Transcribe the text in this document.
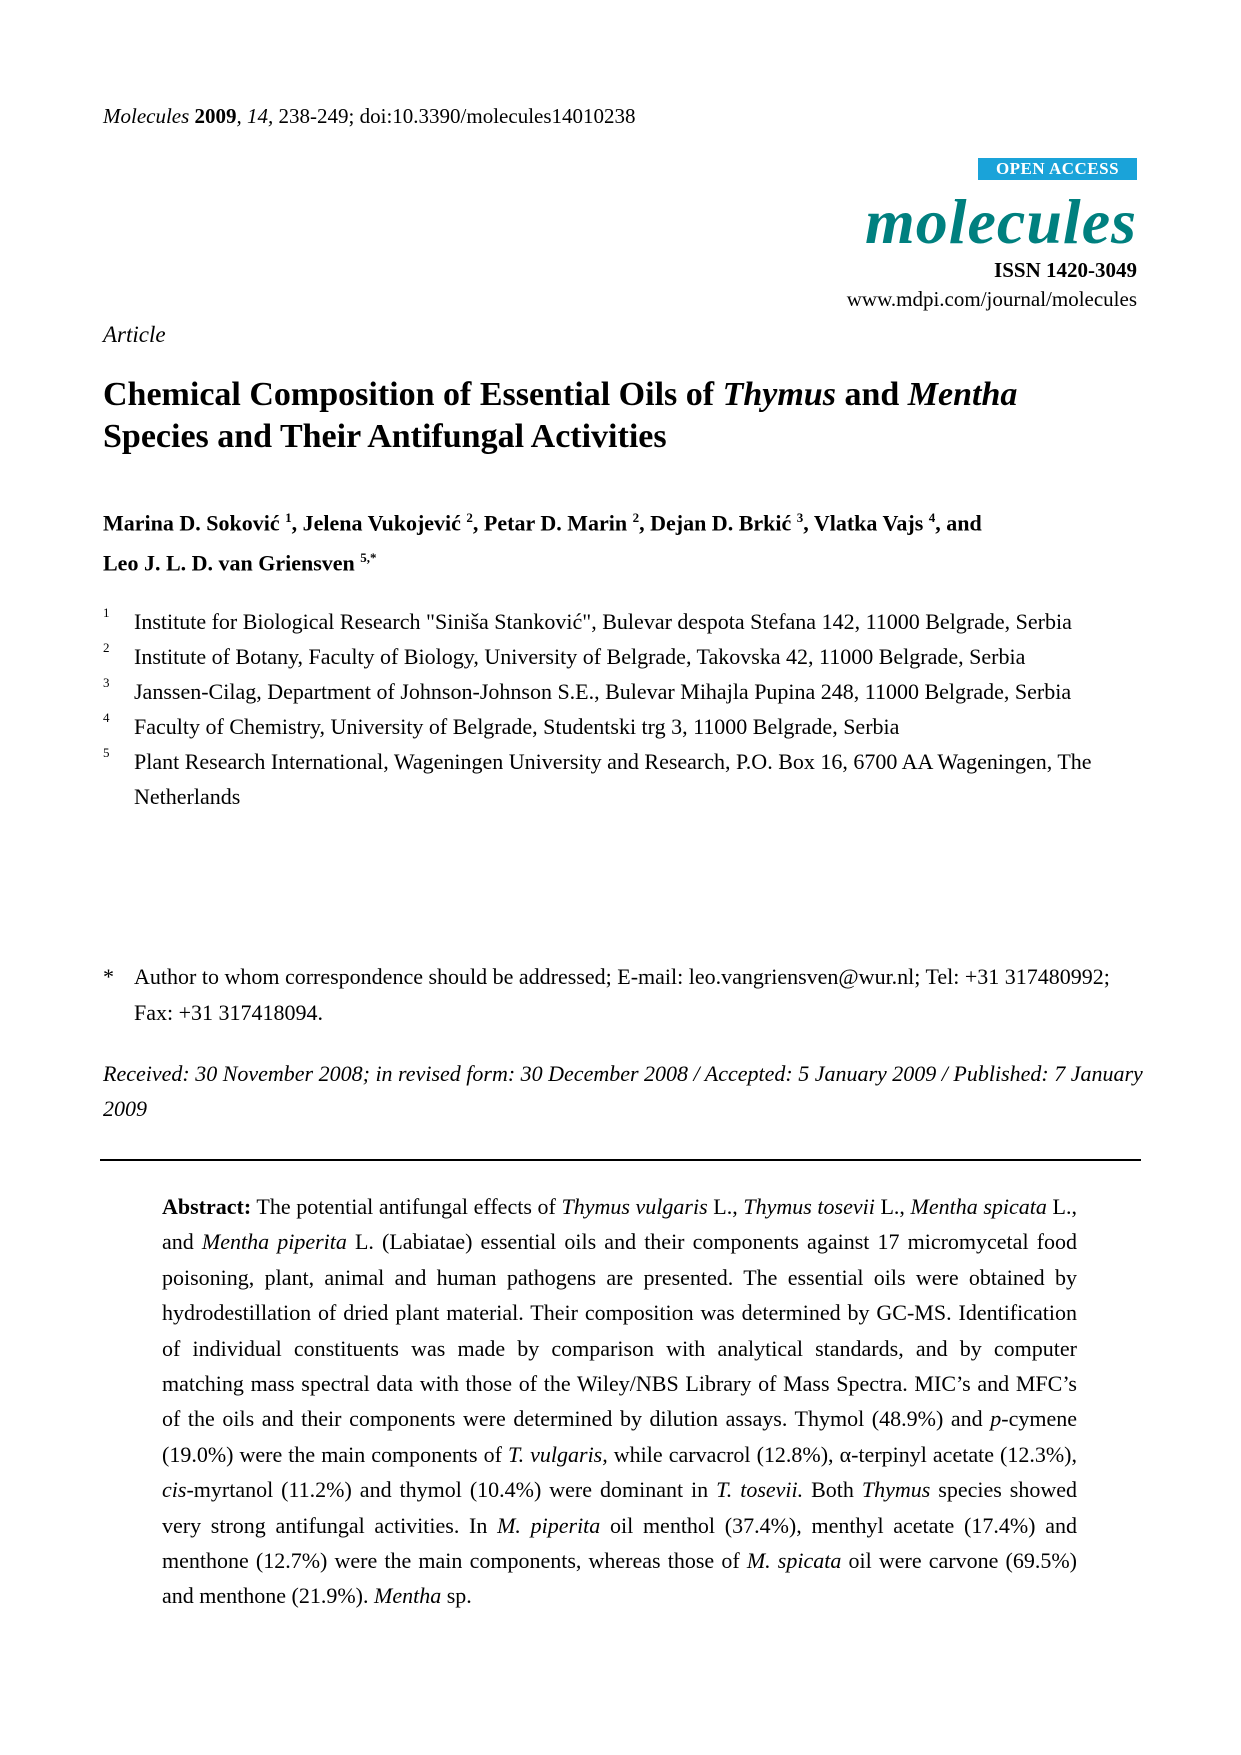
Molecules 2009, 14, 238-249; doi:10.3390/molecules14010238
OPEN ACCESS
molecules
ISSN 1420-3049
www.mdpi.com/journal/molecules
Article
Chemical Composition of Essential Oils of Thymus and Mentha
Species and Their Antifungal Activities
Marina D. Soković $^1$, Jelena Vukojević $^2$, Petar D. Marin $^2$, Dejan D. Brkić $^3$, Vlatka Vajs $^4$, and
Leo J. L. D. van Griensven $^{5,*}$
1 Institute for Biological Research "Siniša Stanković", Bulevar despota Stefana 142, 11000 Belgrade, Serbia
2 Institute of Botany, Faculty of Biology, University of Belgrade, Takovska 42, 11000 Belgrade, Serbia
3 Janssen-Cilag, Department of Johnson-Johnson S.E., Bulevar Mihajla Pupina 248, 11000 Belgrade, Serbia
4 Faculty of Chemistry, University of Belgrade, Studentski trg 3, 11000 Belgrade, Serbia
5 Plant Research International, Wageningen University and Research, P.O. Box 16, 6700 AA Wageningen, The Netherlands
* Author to whom correspondence should be addressed; E-mail: leo.vangriensven@wur.nl; Tel: +31 317480992; Fax: +31 317418094.
Received: 30 November 2008; in revised form: 30 December 2008 / Accepted: 5 January 2009 / Published: 7 January 2009
Abstract: The potential antifungal effects of Thymus vulgaris L., Thymus tosevii L., Mentha spicata L., and Mentha piperita L. (Labiatae) essential oils and their components against 17 micromycetal food poisoning, plant, animal and human pathogens are presented. The essential oils were obtained by hydrodestillation of dried plant material. Their composition was determined by GC-MS. Identification of individual constituents was made by comparison with analytical standards, and by computer matching mass spectral data with those of the Wiley/NBS Library of Mass Spectra. MIC’s and MFC’s of the oils and their components were determined by dilution assays. Thymol (48.9%) and p-cymene (19.0%) were the main components of T. vulgaris, while carvacrol (12.8%), α-terpinyl acetate (12.3%), cis-myrtanol (11.2%) and thymol (10.4%) were dominant in T. tosevii. Both Thymus species showed very strong antifungal activities. In M. piperita oil menthol (37.4%), menthyl acetate (17.4%) and menthone (12.7%) were the main components, whereas those of M. spicata oil were carvone (69.5%) and menthone (21.9%). Mentha sp.
